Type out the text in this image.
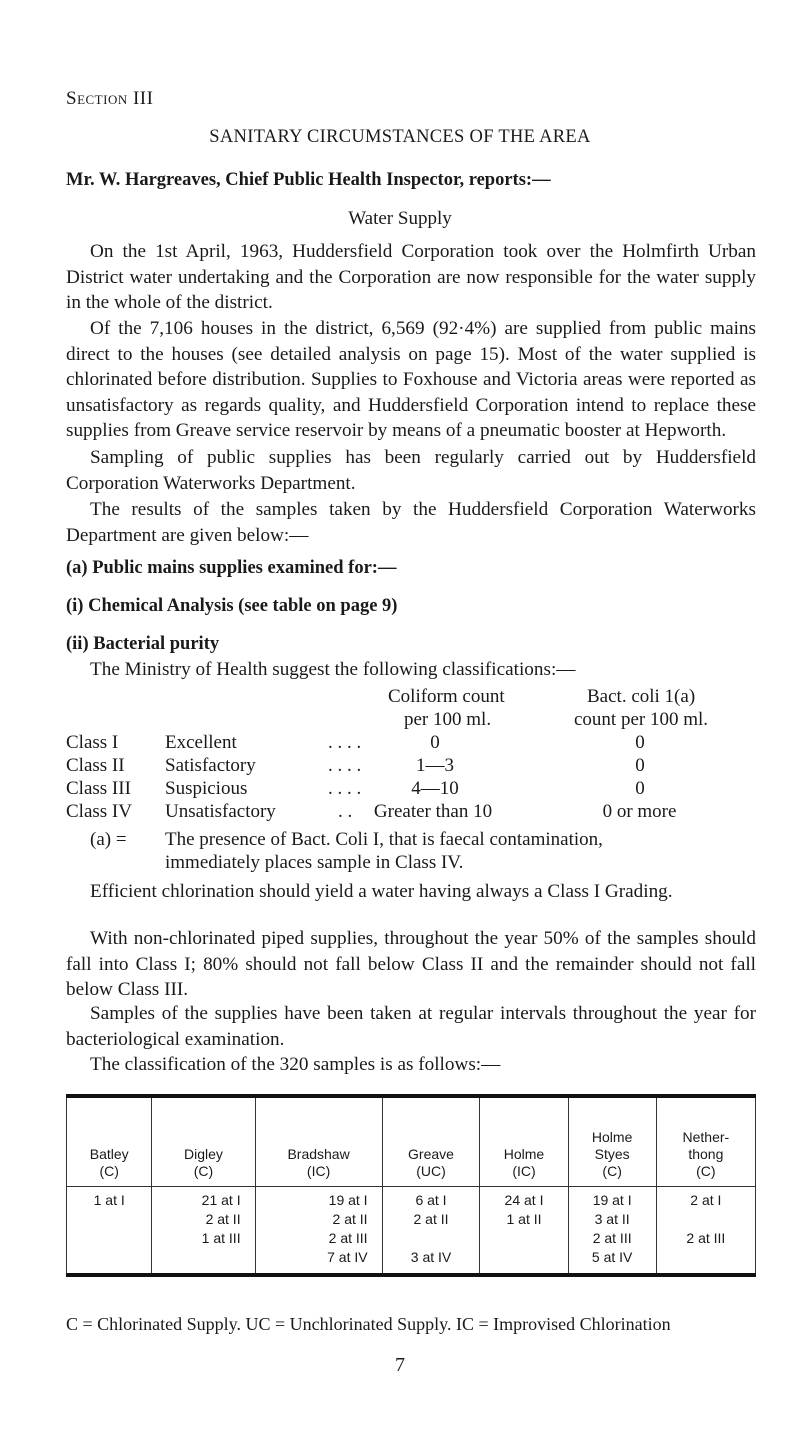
Section III
SANITARY CIRCUMSTANCES OF THE AREA
Mr. W. Hargreaves, Chief Public Health Inspector, reports:—
Water Supply
On the 1st April, 1963, Huddersfield Corporation took over the Holmfirth Urban District water undertaking and the Corporation are now responsible for the water supply in the whole of the district.
Of the 7,106 houses in the district, 6,569 (92·4%) are supplied from public mains direct to the houses (see detailed analysis on page 15). Most of the water supplied is chlorinated before distribution. Supplies to Foxhouse and Victoria areas were reported as unsatisfactory as regards quality, and Huddersfield Corporation intend to replace these supplies from Greave service reservoir by means of a pneumatic booster at Hepworth.
Sampling of public supplies has been regularly carried out by Huddersfield Corporation Waterworks Department.
The results of the samples taken by the Huddersfield Corporation Waterworks Department are given below:—
(a) Public mains supplies examined for:—
(i) Chemical Analysis (see table on page 9)
(ii) Bacterial purity
The Ministry of Health suggest the following classifications:—
Coliform count
per 100 ml.
Bact. coli 1(a)
count per 100 ml.
Class I Excellent	. . . .	0	0
Class II Satisfactory	. . . .	1—3	0
Class III Suspicious	. . . .	4—10	0
Class IV Unsatisfactory	. .	Greater than 10	0 or more
(a) = The presence of Bact. Coli I, that is faecal contamination,
immediately places sample in Class IV.
Efficient chlorination should yield a water having always a Class I Grading.
With non-chlorinated piped supplies, throughout the year 50% of the samples should fall into Class I; 80% should not fall below Class II and the remainder should not fall below Class III.
Samples of the supplies have been taken at regular intervals throughout the year for bacteriological examination.
The classification of the 320 samples is as follows:—
Batley
(C)	Digley
(C)	Bradshaw
(IC)	Greave
(UC)	Holme
(IC)	Holme
Styes
(C)	Nether-
thong
(C)

1 at I	21 at I
2 at II
1 at III	19 at I
2 at II
2 at III
7 at IV	6 at I
2 at II

3 at IV	24 at I
1 at II	19 at I
3 at II
2 at III
5 at IV	2 at I

2 at III
C = Chlorinated Supply. UC = Unchlorinated Supply. IC = Improvised Chlorination
7
